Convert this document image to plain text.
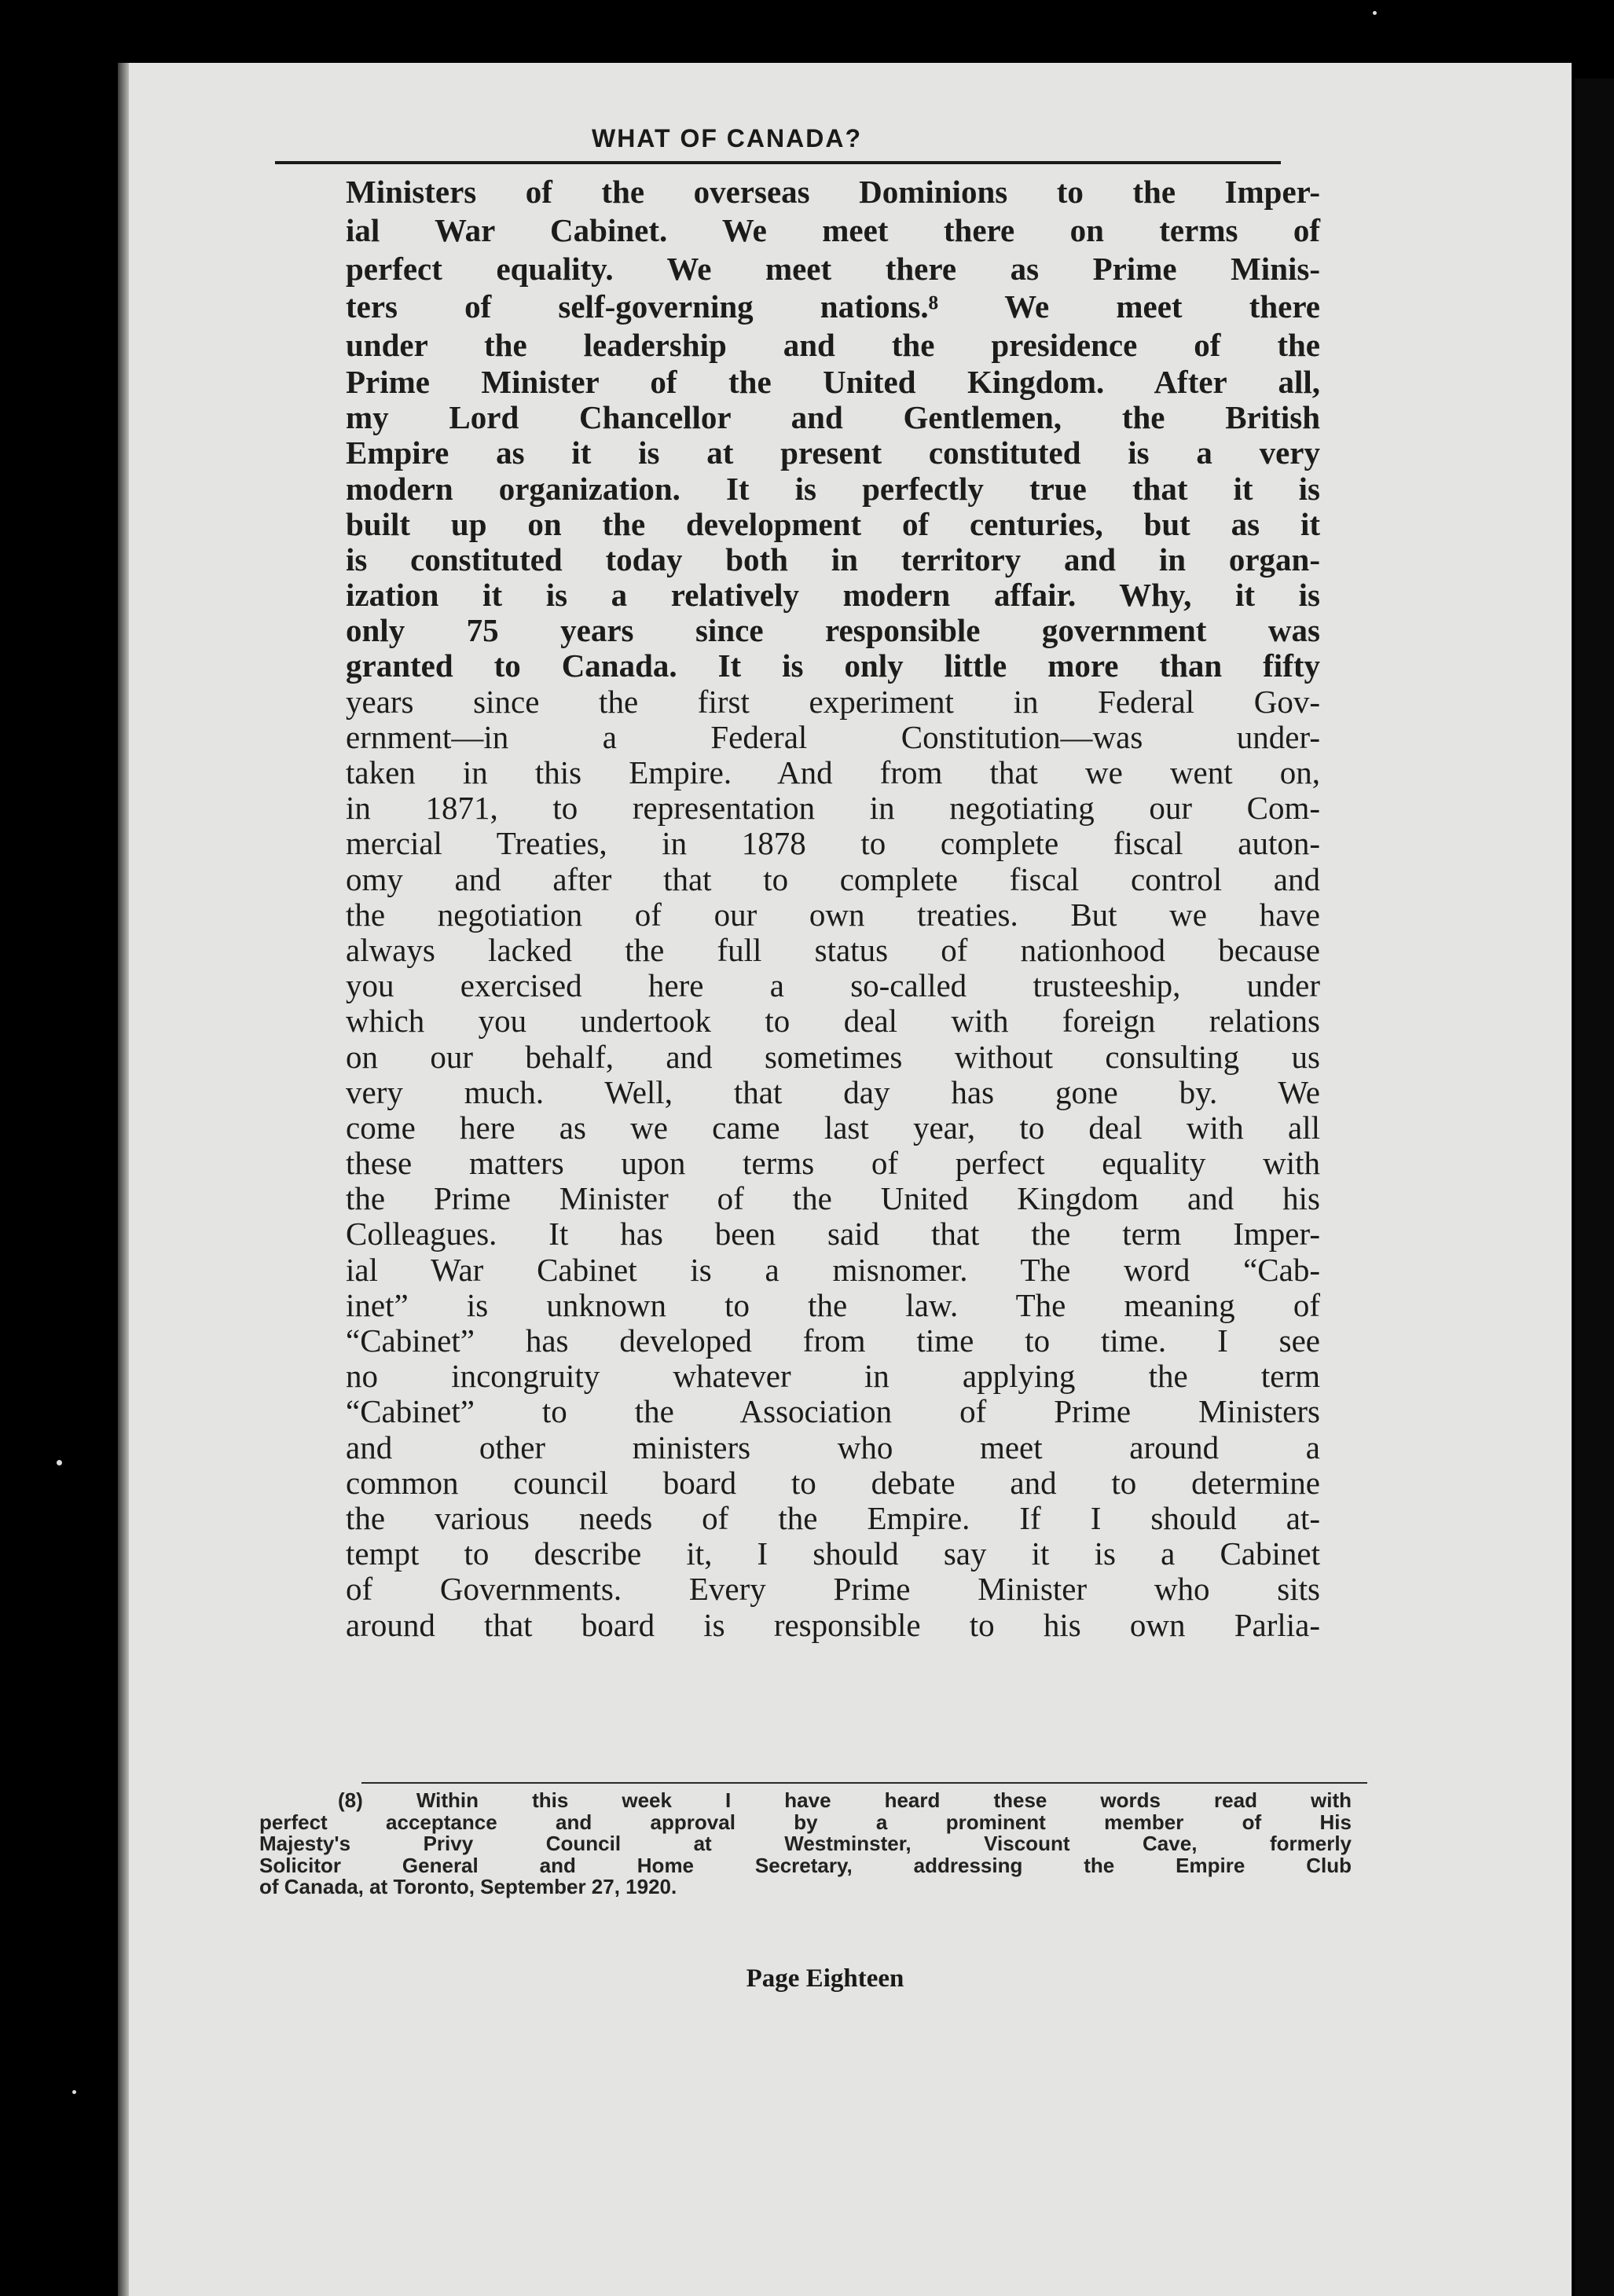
WHAT OF CANADA?
Ministers of the overseas Dominions to the Imper-
ial War Cabinet. We meet there on terms of
perfect equality. We meet there as Prime Minis-
ters of self-governing nations.⁸ We meet there
under the leadership and the presidence of the
Prime Minister of the United Kingdom. After all,
my Lord Chancellor and Gentlemen, the British
Empire as it is at present constituted is a very
modern organization. It is perfectly true that it is
built up on the development of centuries, but as it
is constituted today both in territory and in organ-
ization it is a relatively modern affair. Why, it is
only 75 years since responsible government was
granted to Canada. It is only little more than fifty
years since the first experiment in Federal Gov-
ernment—in a Federal Constitution—was under-
taken in this Empire. And from that we went on,
in 1871, to representation in negotiating our Com-
mercial Treaties, in 1878 to complete fiscal auton-
omy and after that to complete fiscal control and
the negotiation of our own treaties. But we have
always lacked the full status of nationhood because
you exercised here a so-called trusteeship, under
which you undertook to deal with foreign relations
on our behalf, and sometimes without consulting us
very much. Well, that day has gone by. We
come here as we came last year, to deal with all
these matters upon terms of perfect equality with
the Prime Minister of the United Kingdom and his
Colleagues. It has been said that the term Imper-
ial War Cabinet is a misnomer. The word “Cab-
inet” is unknown to the law. The meaning of
“Cabinet” has developed from time to time. I see
no incongruity whatever in applying the term
“Cabinet” to the Association of Prime Ministers
and other ministers who meet around a
common council board to debate and to determine
the various needs of the Empire. If I should at-
tempt to describe it, I should say it is a Cabinet
of Governments. Every Prime Minister who sits
around that board is responsible to his own Parlia-
(8) Within this week I have heard these words read with
perfect acceptance and approval by a prominent member of His
Majesty's Privy Council at Westminster, Viscount Cave, formerly
Solicitor General and Home Secretary, addressing the Empire Club
of Canada, at Toronto, September 27, 1920.
Page Eighteen
